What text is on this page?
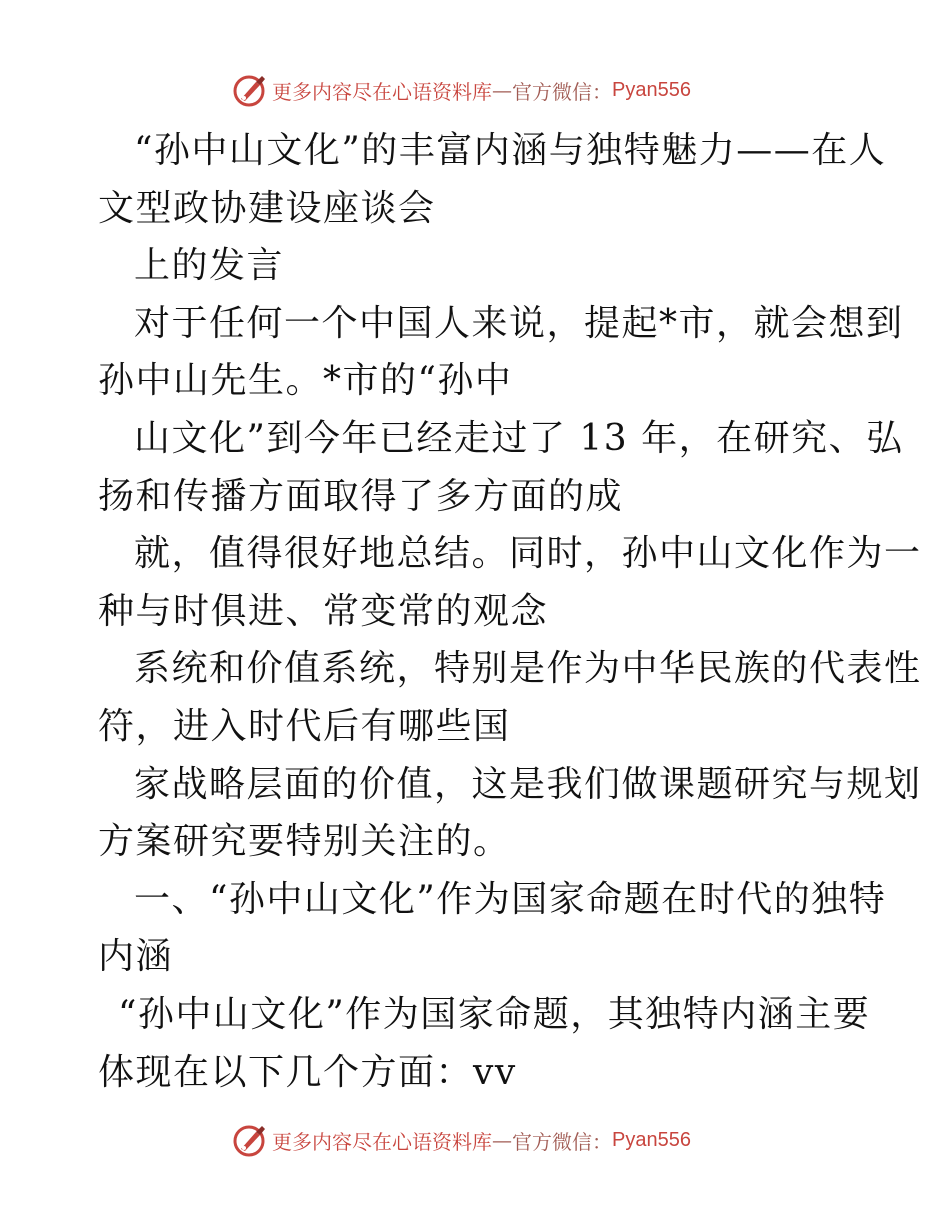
更多内容尽在心语资料库 — 官方微信： Pyan556
“孙中山文化”的丰富内涵与独特魅力——在人
文型政协建设座谈会
上的发言
对于任何一个中国人来说，提起*市，就会想到
孙中山先生。*市的“孙中
山文化”到今年已经走过了 13 年，在研究、弘
扬和传播方面取得了多方面的成
就，值得很好地总结。同时，孙中山文化作为一
种与时俱进、常变常的观念
系统和价值系统，特别是作为中华民族的代表性
符，进入时代后有哪些国
家战略层面的价值，这是我们做课题研究与规划
方案研究要特别关注的。
一、“孙中山文化”作为国家命题在时代的独特
内涵
“孙中山文化”作为国家命题，其独特内涵主要
体现在以下几个方面：vv
更多内容尽在心语资料库 — 官方微信： Pyan556
